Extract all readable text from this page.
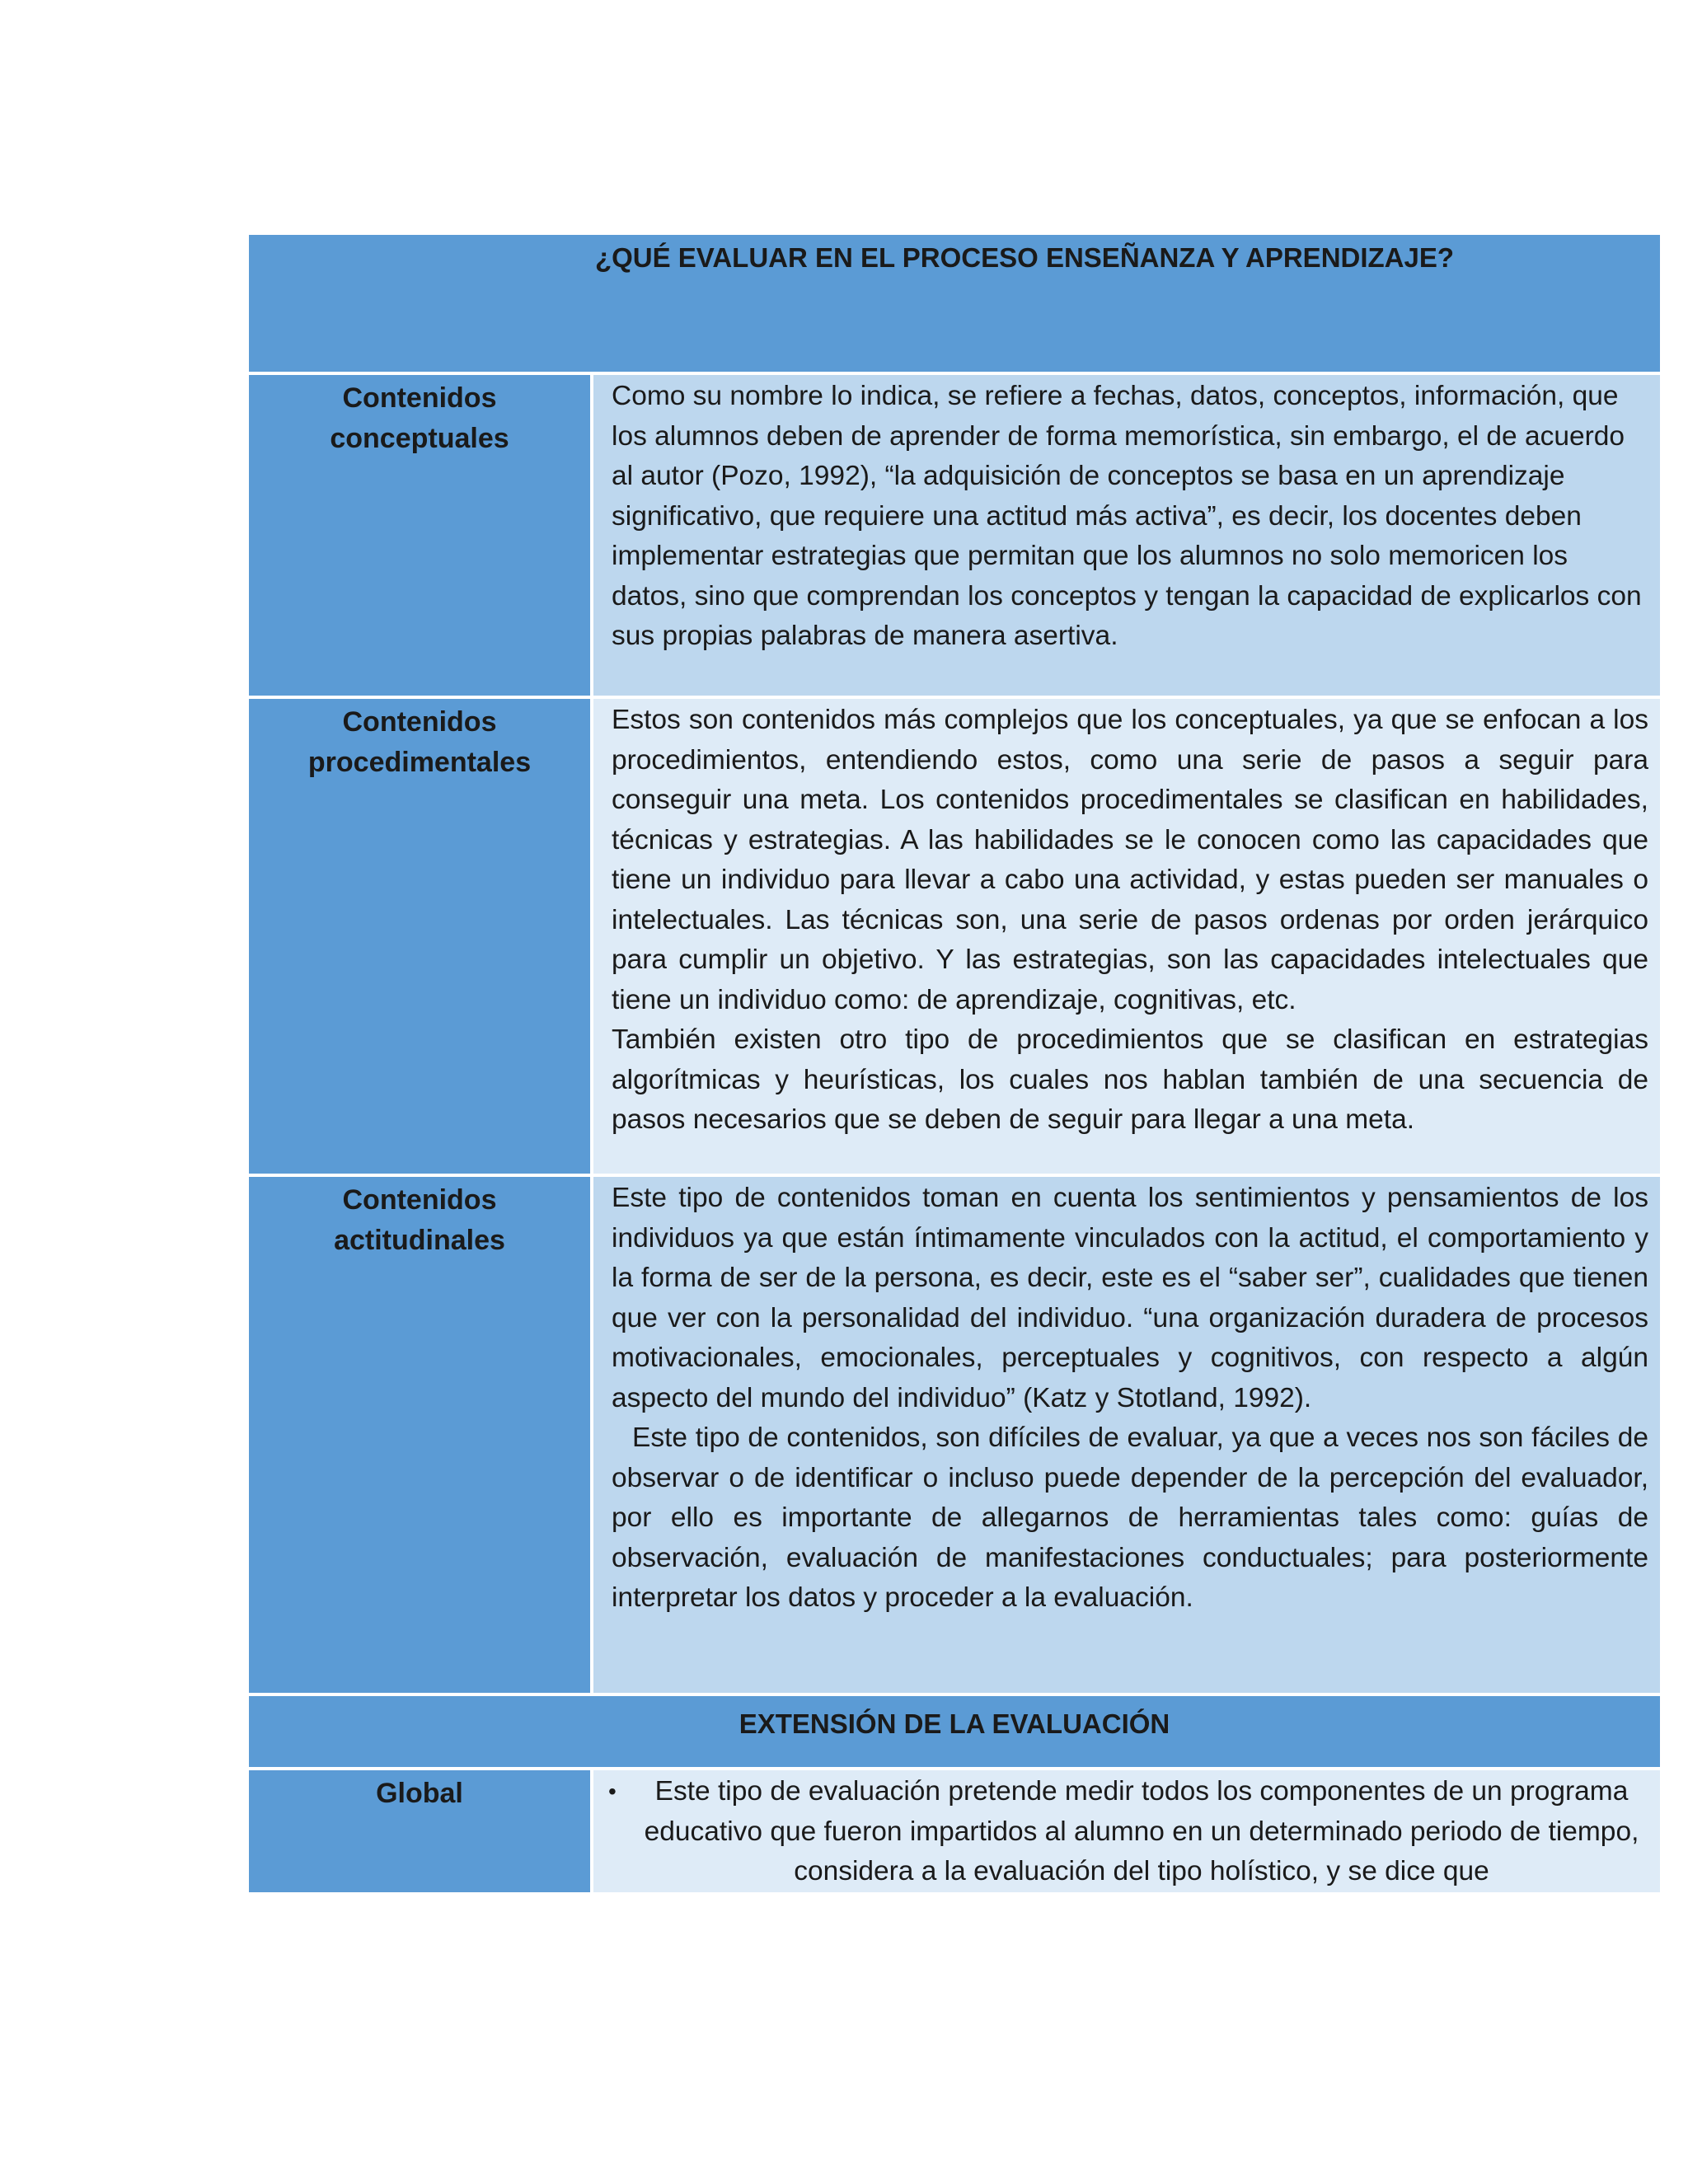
¿QUÉ EVALUAR EN EL PROCESO ENSEÑANZA Y APRENDIZAJE?	

Contenidos conceptuales	Como su nombre lo indica, se refiere a fechas, datos, conceptos, información, que los alumnos deben de aprender de forma memorística, sin embargo, el de acuerdo al autor (Pozo, 1992), “la adquisición de conceptos se basa en un aprendizaje significativo, que requiere una actitud más activa”, es decir, los docentes deben implementar estrategias que permitan que los alumnos no solo memoricen los datos, sino que comprendan los conceptos y tengan la capacidad de explicarlos con sus propias palabras de manera asertiva.

Contenidos procedimentales	Estos son contenidos más complejos que los conceptuales, ya que se enfocan a los procedimientos, entendiendo estos, como una serie de pasos a seguir para conseguir una meta. Los contenidos procedimentales se clasifican en habilidades, técnicas y estrategias. A las habilidades se le conocen como las capacidades que tiene un individuo para llevar a cabo una actividad, y estas pueden ser manuales o intelectuales. Las técnicas son, una serie de pasos ordenas por orden jerárquico para cumplir un objetivo. Y las estrategias, son las capacidades intelectuales que tiene un individuo como: de aprendizaje, cognitivas, etc.

También existen otro tipo de procedimientos que se clasifican en estrategias algorítmicas y heurísticas, los cuales nos hablan también de una secuencia de pasos necesarios que se deben de seguir para llegar a una meta.

Contenidos actitudinales	Este tipo de contenidos toman en cuenta los sentimientos y pensamientos de los individuos ya que están íntimamente vinculados con la actitud, el comportamiento y la forma de ser de la persona, es decir, este es el “saber ser”, cualidades que tienen que ver con la personalidad del individuo. “una organización duradera de procesos motivacionales, emocionales, perceptuales y cognitivos, con respecto a algún aspecto del mundo del individuo” (Katz y Stotland, 1992).

Este tipo de contenidos, son difíciles de evaluar, ya que a veces nos son fáciles de observar o de identificar o incluso puede depender de la percepción del evaluador, por ello es importante de allegarnos de herramientas tales como: guías de observación, evaluación de manifestaciones conductuales; para posteriormente interpretar los datos y proceder a la evaluación.

EXTENSIÓN DE LA EVALUACIÓN	

Global	• Este tipo de evaluación pretende medir todos los componentes de un programa educativo que fueron impartidos al alumno en un determinado periodo de tiempo, considera a la evaluación del tipo holístico, y se dice que
